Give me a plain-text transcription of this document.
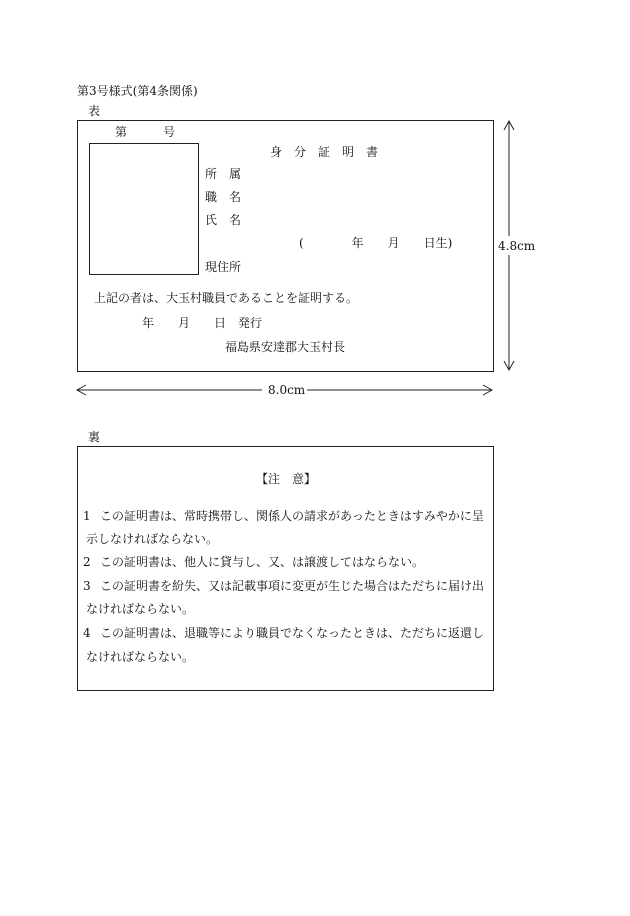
第3号様式(第4条関係)
表
第　　　号
身　分　証　明　書
所　属
職　名
氏　名
(　　　　年　　月　　日生)
現住所
上記の者は、大玉村職員であることを証明する。
年　　月　　日　発行
福島県安達郡大玉村長
4.8cm
8.0cm
裏
【注　意】
1 この証明書は、常時携帯し、関係人の請求があったときはすみやかに呈
示しなければならない。
2 この証明書は、他人に貸与し、又、は譲渡してはならない。
3 この証明書を紛失、又は記載事項に変更が生じた場合はただちに届け出
なければならない。
4 この証明書は、退職等により職員でなくなったときは、ただちに返還し
なければならない。
